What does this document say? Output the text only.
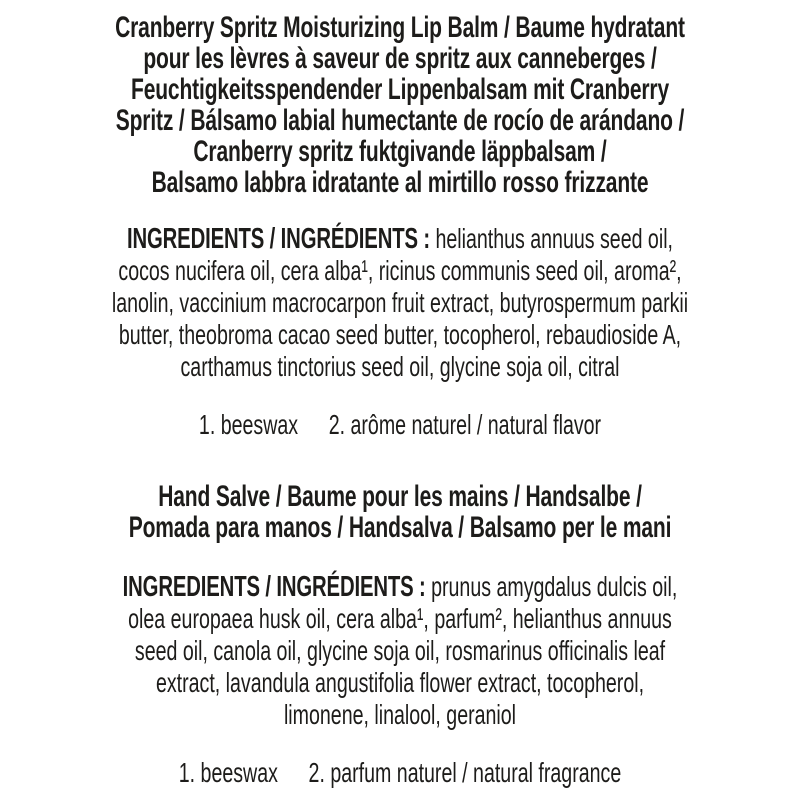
Cranberry Spritz Moisturizing Lip Balm / Baume hydratant
pour les lèvres à saveur de spritz aux canneberges /
Feuchtigkeitsspendender Lippenbalsam mit Cranberry
Spritz / Bálsamo labial humectante de rocío de arándano /
Cranberry spritz fuktgivande läppbalsam /
Balsamo labbra idratante al mirtillo rosso frizzante
INGREDIENTS / INGRÉDIENTS : helianthus annuus seed oil,
cocos nucifera oil, cera alba¹, ricinus communis seed oil, aroma²,
lanolin, vaccinium macrocarpon fruit extract, butyrospermum parkii
butter, theobroma cacao seed butter, tocopherol, rebaudioside A,
carthamus tinctorius seed oil, glycine soja oil, citral
1. beeswax 2. arôme naturel / natural flavor
Hand Salve / Baume pour les mains / Handsalbe /
Pomada para manos / Handsalva / Balsamo per le mani
INGREDIENTS / INGRÉDIENTS : prunus amygdalus dulcis oil,
olea europaea husk oil, cera alba¹, parfum², helianthus annuus
seed oil, canola oil, glycine soja oil, rosmarinus officinalis leaf
extract, lavandula angustifolia flower extract, tocopherol,
limonene, linalool, geraniol
1. beeswax 2. parfum naturel / natural fragrance
